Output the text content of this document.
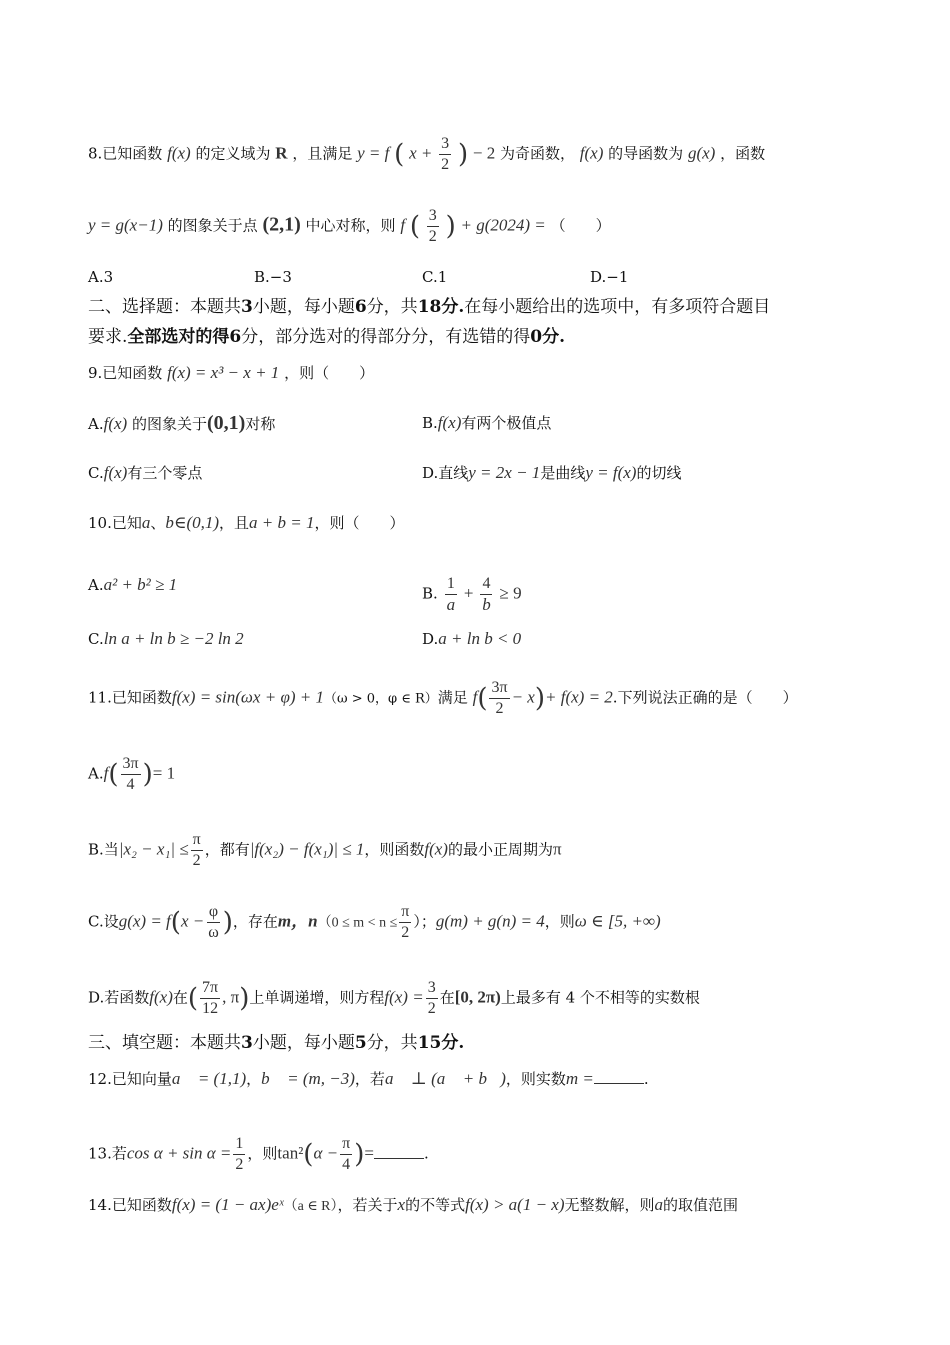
8.已知函数 f(x) 的定义域为 R ，且满足 y = f ( $x + \frac{3}{2}$ ) − 2 为奇函数， f(x) 的导函数为 g(x) ，函数
y = g(x−1) 的图象关于点 (2,1) 中心对称，则 f ( $\frac{3}{2}$ ) + g(2024) = （　　）
A.3	B.−3	C.1	D.−1
二、选择题：本题共3小题，每小题6分，共18分.在每小题给出的选项中，有多项符合题目
要求.全部选对的得6分，部分选对的得部分分，有选错的得0分.
9.已知函数 f(x) = x³ − x + 1 ，则（　　）
A.f(x) 的图象关于(0,1)对称	B.f(x)有两个极值点
C.f(x)有三个零点	D.直线y = 2x − 1是曲线y = f(x)的切线
10.已知a、b∈(0,1)，且a + b = 1，则（　　）
A.a² + b² ≥ 1	B. $\frac{1}{a} + \frac{4}{b} \ge 9$
C.ln a + ln b ≥ −2 ln 2	D.a + ln b < 0
11.已知函数f(x) = sin(ωx + φ) + 1（ω > 0，φ ∈ R）满足 $f( \frac{3\pi}{2} - x)+ f(x) = 2$.下列说法正确的是（　　）
$A.f( \frac{3\pi}{4}$ )= 1
B.当$|x_2 - x_1| \le \frac{\pi}{2}$ ，都有|f(x₂) − f(x₁)| ≤ 1，则函数f(x)的最小正周期为π
C.设$g(x) = f(x - \frac{\varphi}{\omega}$ )，存在m，$n(0 \le m < n \le \frac{\pi}{2}$ ）；g(m) + g(n) = 4，则ω ∈ [5, +∞)
D.若函数f(x)在( $\frac{7\pi}{12}$ , π)上单调递增，则方程$f(x) = \frac{3}{2}$ 在[0, 2π)上最多有 4 个不相等的实数根
三、填空题：本题共3小题，每小题5分，共15分.
12.已知向量a⃗ = (1,1)，b⃗ = (m, −3)，若a⃗ ⊥ (a⃗ + b⃗)，则实数m =	.
13.若$\cos \alpha + \sin \alpha = \frac{1}{2}$ ，则$\tan^2(\alpha - \frac{\pi}{4}$ )=	.
14.已知函数f(x) = (1 − ax)eˣ（a ∈ R），若关于x的不等式f(x) > a(1 − x)无整数解，则a的取值范围
